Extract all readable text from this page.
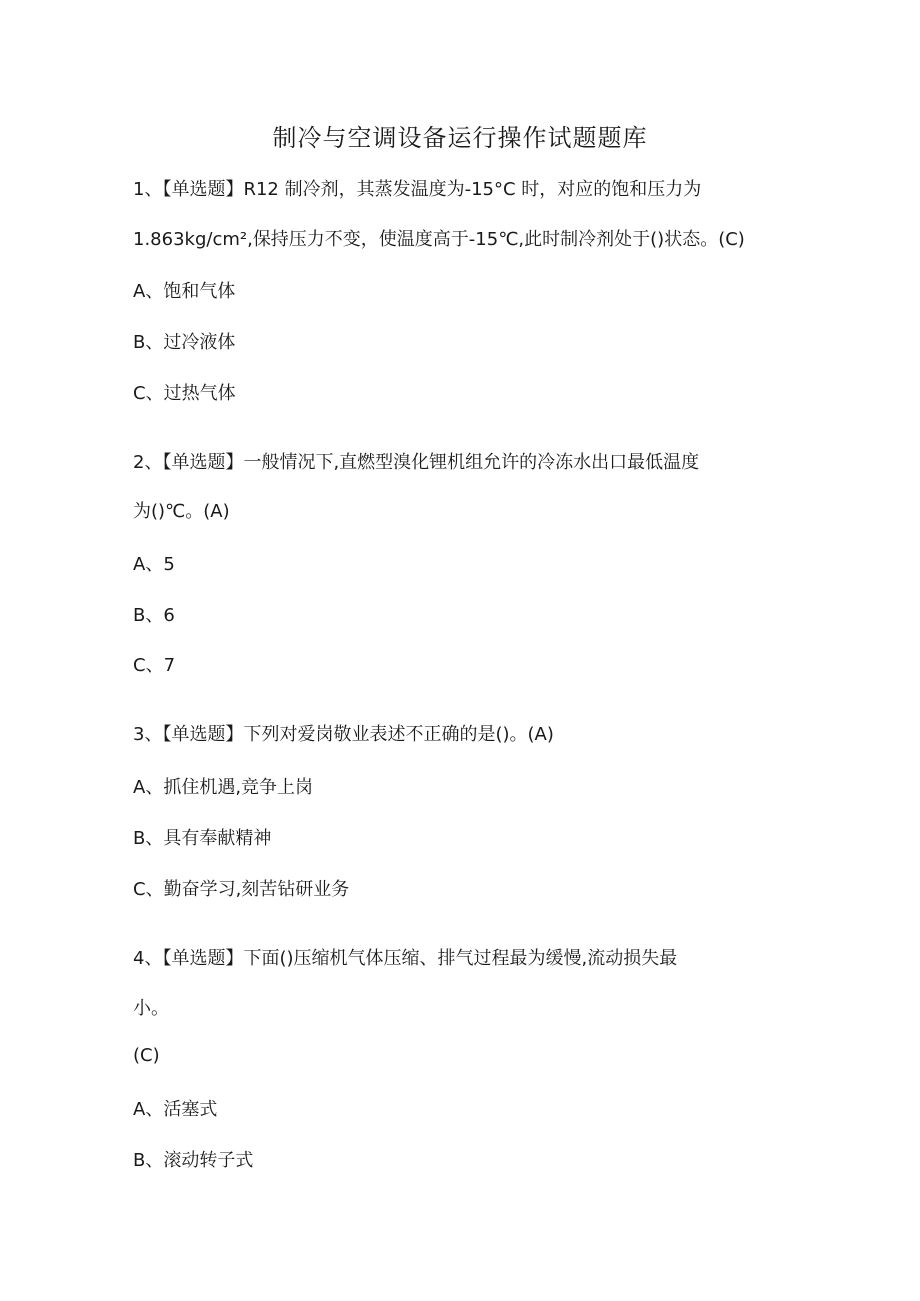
制冷与空调设备运行操作试题题库
1、【单选题】R12 制冷剂，其蒸发温度为-15°C 时，对应的饱和压力为
1.863kg/cm²,保持压力不变，使温度高于-15℃,此时制冷剂处于()状态。(C)
A、饱和气体
B、过冷液体
C、过热气体
2、【单选题】一般情况下,直燃型溴化锂机组允许的冷冻水出口最低温度
为()℃。(A)
A、5
B、6
C、7
3、【单选题】下列对爱岗敬业表述不正确的是()。(A)
A、抓住机遇,竞争上岗
B、具有奉献精神
C、勤奋学习,刻苦钻研业务
4、【单选题】下面()压缩机气体压缩、排气过程最为缓慢,流动损失最
小。
(C)
A、活塞式
B、滚动转子式
